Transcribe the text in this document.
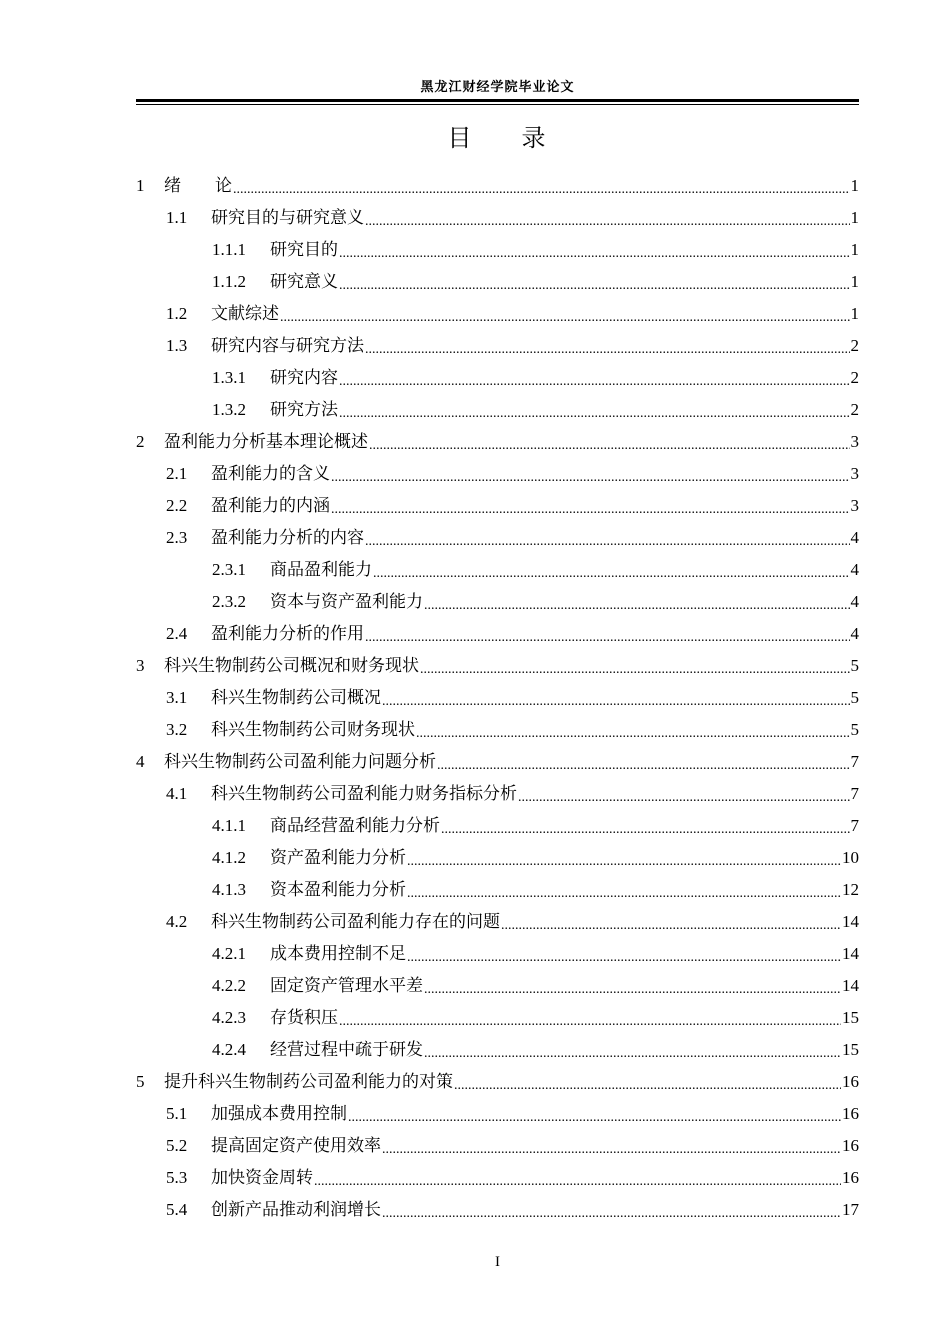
黑龙江财经学院毕业论文
目 录
1	绪　　论 .....	1
1.1	研究目的与研究意义 .....	1
1.1.1	研究目的 .....	1
1.1.2	研究意义 .....	1
1.2	文献综述 .....	1
1.3	研究内容与研究方法 .....	2
1.3.1	研究内容 .....	2
1.3.2	研究方法 .....	2
2	盈利能力分析基本理论概述 .....	3
2.1	盈利能力的含义 .....	3
2.2	盈利能力的内涵 .....	3
2.3	盈利能力分析的内容 .....	4
2.3.1	商品盈利能力 .....	4
2.3.2	资本与资产盈利能力 .....	4
2.4	盈利能力分析的作用 .....	4
3	科兴生物制药公司概况和财务现状 .....	5
3.1	科兴生物制药公司概况 .....	5
3.2	科兴生物制药公司财务现状 .....	5
4	科兴生物制药公司盈利能力问题分析 .....	7
4.1	科兴生物制药公司盈利能力财务指标分析 .....	7
4.1.1	商品经营盈利能力分析 .....	7
4.1.2	资产盈利能力分析 .....	10
4.1.3	资本盈利能力分析 .....	12
4.2	科兴生物制药公司盈利能力存在的问题 .....	14
4.2.1	成本费用控制不足 .....	14
4.2.2	固定资产管理水平差 .....	14
4.2.3	存货积压 .....	15
4.2.4	经营过程中疏于研发 .....	15
5	提升科兴生物制药公司盈利能力的对策 .....	16
5.1	加强成本费用控制 .....	16
5.2	提高固定资产使用效率 .....	16
5.3	加快资金周转 .....	16
5.4	创新产品推动利润增长 .....	17
I
